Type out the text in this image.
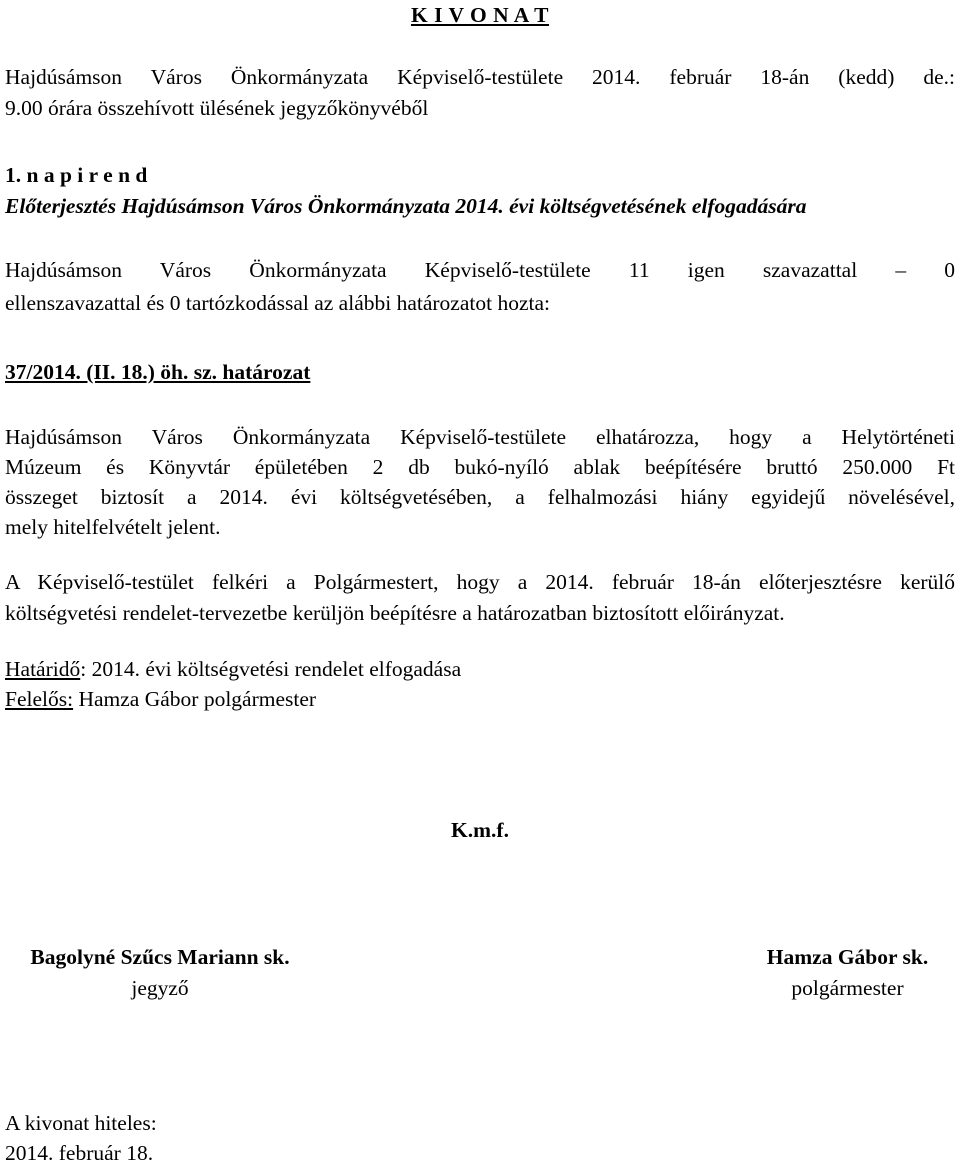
K I V O N A T

Hajdúsámson Város Önkormányzata Képviselő-testülete 2014. február 18-án (kedd) de.:

9.00 órára összehívott ülésének jegyzőkönyvéből

1. n a p i r e n d

Előterjesztés Hajdúsámson Város Önkormányzata 2014. évi költségvetésének elfogadására

Hajdúsámson Város Önkormányzata Képviselő-testülete 11 igen szavazattal – 0

ellenszavazattal és 0 tartózkodással az alábbi határozatot hozta:

37/2014. (II. 18.) öh. sz. határozat

Hajdúsámson Város Önkormányzata Képviselő-testülete elhatározza, hogy a Helytörténeti

Múzeum és Könyvtár épületében 2 db bukó-nyíló ablak beépítésére bruttó 250.000 Ft

összeget biztosít a 2014. évi költségvetésében, a felhalmozási hiány egyidejű növelésével,

mely hitelfelvételt jelent.

A Képviselő-testület felkéri a Polgármestert, hogy a 2014. február 18-án előterjesztésre kerülő

költségvetési rendelet-tervezetbe kerüljön beépítésre a határozatban biztosított előirányzat.

Határidő: 2014. évi költségvetési rendelet elfogadása

Felelős: Hamza Gábor polgármester

K.m.f.

Bagolyné Szűcs Mariann sk.
jegyző
Hamza Gábor sk.
polgármester

A kivonat hiteles:

2014. február 18.
